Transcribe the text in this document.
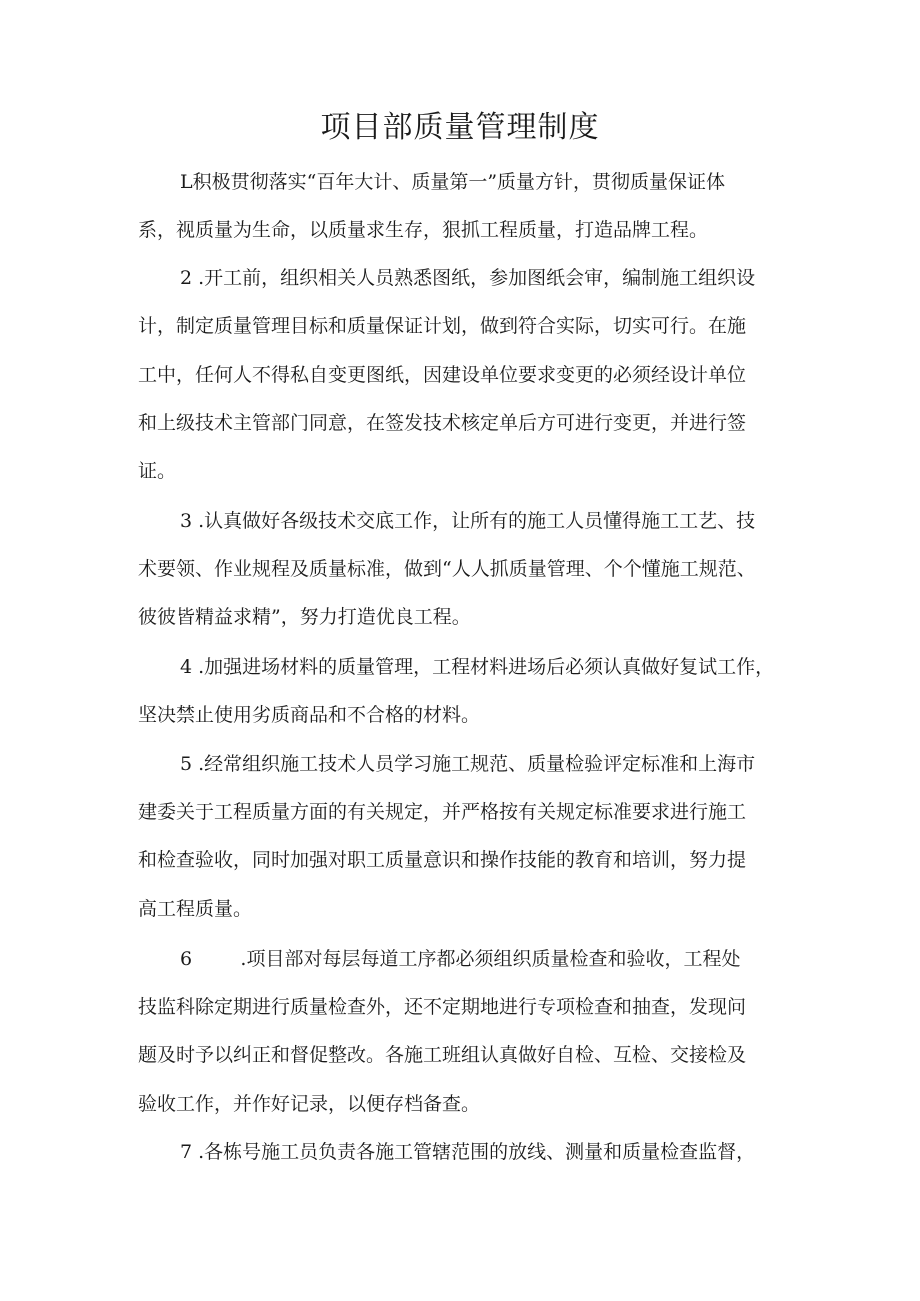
项目部质量管理制度

L积极贯彻落实“百年大计、质量第一”质量方针，贯彻质量保证体

系，视质量为生命，以质量求生存，狠抓工程质量，打造品牌工程。

2 .开工前，组织相关人员熟悉图纸，参加图纸会审，编制施工组织设

计，制定质量管理目标和质量保证计划，做到符合实际，切实可行。在施

工中，任何人不得私自变更图纸，因建设单位要求变更的必须经设计单位

和上级技术主管部门同意，在签发技术核定单后方可进行变更，并进行签

证。

3 .认真做好各级技术交底工作，让所有的施工人员懂得施工工艺、技

术要领、作业规程及质量标准，做到“人人抓质量管理、个个懂施工规范、

彼彼皆精益求精”，努力打造优良工程。

4 .加强进场材料的质量管理，工程材料进场后必须认真做好复试工作，

坚决禁止使用劣质商品和不合格的材料。

5 .经常组织施工技术人员学习施工规范、质量检验评定标准和上海市

建委关于工程质量方面的有关规定，并严格按有关规定标准要求进行施工

和检查验收，同时加强对职工质量意识和操作技能的教育和培训，努力提

高工程质量。

6        .项目部对每层每道工序都必须组织质量检查和验收，工程处

技监科除定期进行质量检查外，还不定期地进行专项检查和抽查，发现问

题及时予以纠正和督促整改。各施工班组认真做好自检、互检、交接检及

验收工作，并作好记录，以便存档备查。

7 .各栋号施工员负责各施工管辖范围的放线、测量和质量检查监督，
